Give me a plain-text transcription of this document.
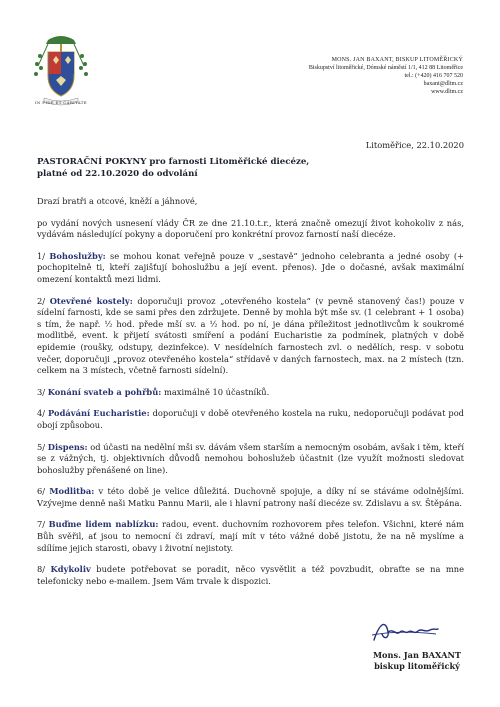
IN FIDE ET CARITATE
MONS. JAN BAXANT, BISKUP LITOMĚŘICKÝ
Biskupství litoměřické, Dómské náměstí 1/1, 412 88 Litoměřice
tel.: (+420) 416 707 520
baxant@dltm.cz
www.dltm.cz
Litoměřice, 22.10.2020
PASTORAČNÍ POKYNY pro farnosti Litoměřické diecéze,
platné od 22.10.2020 do odvolání

Drazí bratři a otcové, kněží a jáhnové,

po vydání nových usnesení vlády ČR ze dne 21.10.t.r., která značně omezují život kohokoliv z nás, vydávám následující pokyny a doporučení pro konkrétní provoz farností naší diecéze.

1/ Bohoslužby: se mohou konat veřejně pouze v „sestavě“ jednoho celebranta a jedné osoby (+ pochopitelně ti, kteří zajišťují bohoslužbu a její event. přenos). Jde o dočasné, avšak maximální omezení kontaktů mezi lidmi.

2/ Otevřené kostely: doporučuji provoz „otevřeného kostela“ (v pevně stanovený čas!) pouze v sídelní farnosti, kde se sami přes den zdržujete. Denně by mohla být mše sv. (1 celebrant + 1 osoba) s tím, že např. ½ hod. přede mší sv. a ½ hod. po ní, je dána příležitost jednotlivcům k soukromé modlitbě, event. k přijetí svátosti smíření a podání Eucharistie za podmínek, platných v době epidemie (roušky, odstupy, dezinfekce). V nesídelních farnostech zvl. o nedělích, resp. v sobotu večer, doporučuji „provoz otevřeného kostela“ střídavě v daných farnostech, max. na 2 místech (tzn. celkem na 3 místech, včetně farnosti sídelní).

3/ Konání svateb a pohřbů: maximálně 10 účastníků.

4/ Podávání Eucharistie: doporučuji v době otevřeného kostela na ruku, nedoporučuji podávat pod obojí způsobou.

5/ Dispens: od účasti na nedělní mši sv. dávám všem starším a nemocným osobám, avšak i těm, kteří se z vážných, tj. objektivních důvodů nemohou bohoslužeb účastnit (lze využít možnosti sledovat bohoslužby přenášené on line).

6/ Modlitba: v této době je velice důležitá. Duchovně spojuje, a díky ní se stáváme odolnějšími. Vzývejme denně naši Matku Pannu Marii, ale i hlavní patrony naší diecéze sv. Zdislavu a sv. Štěpána.

7/ Buďme lidem nablízku: radou, event. duchovním rozhovorem přes telefon. Všichni, které nám Bůh svěřil, ať jsou to nemocní či zdraví, mají mít v této vážné době jistotu, že na ně myslíme a sdílíme jejich starosti, obavy i životní nejistoty.

8/ Kdykoliv budete potřebovat se poradit, něco vysvětlit a též povzbudit, obraťte se na mne telefonicky nebo e-mailem. Jsem Vám trvale k dispozici.

Mons. Jan BAXANT
biskup litoměřický
